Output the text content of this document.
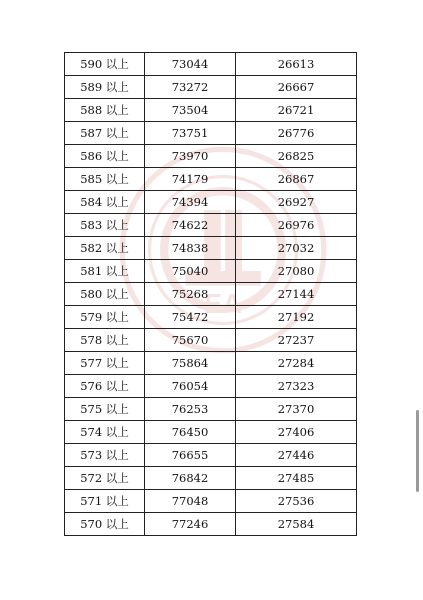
EA
590 以上	73044	26613
589 以上	73272	26667
588 以上	73504	26721
587 以上	73751	26776
586 以上	73970	26825
585 以上	74179	26867
584 以上	74394	26927
583 以上	74622	26976
582 以上	74838	27032
581 以上	75040	27080
580 以上	75268	27144
579 以上	75472	27192
578 以上	75670	27237
577 以上	75864	27284
576 以上	76054	27323
575 以上	76253	27370
574 以上	76450	27406
573 以上	76655	27446
572 以上	76842	27485
571 以上	77048	27536
570 以上	77246	27584
